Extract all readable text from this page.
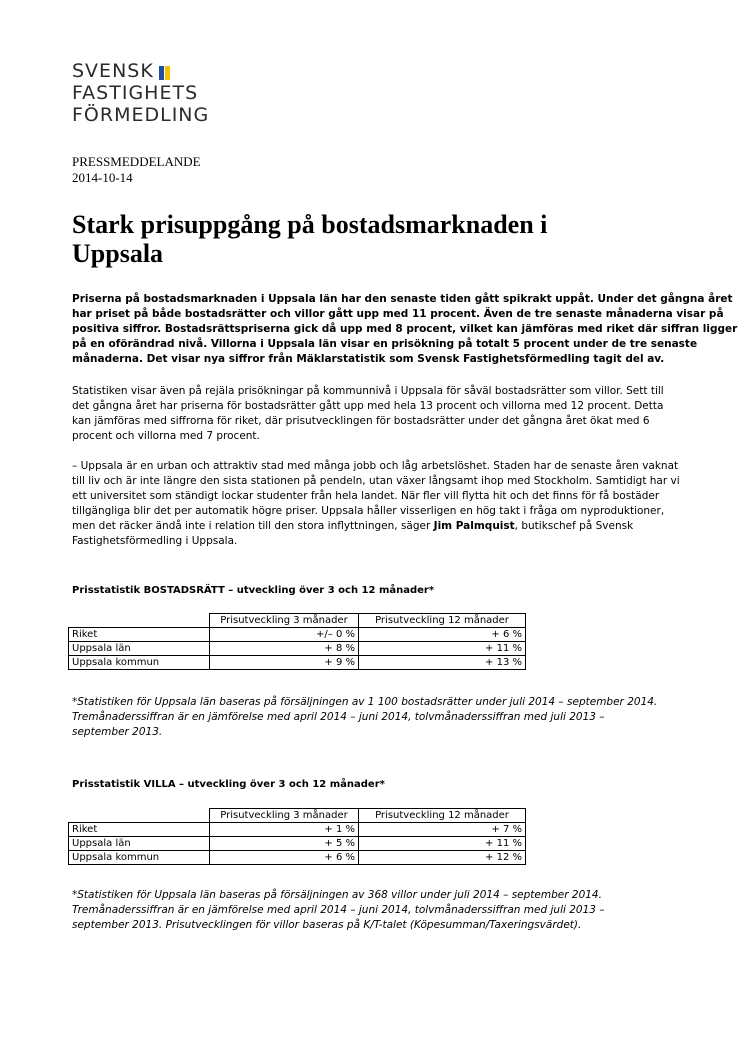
SVENSK
FASTIGHETS
FÖRMEDLING
PRESSMEDDELANDE
2014-10-14
Stark prisuppgång på bostadsmarknaden i Uppsala
Priserna på bostadsmarknaden i Uppsala län har den senaste tiden gått spikrakt uppåt. Under det gångna året
har priset på både bostadsrätter och villor gått upp med 11 procent. Även de tre senaste månaderna visar på
positiva siffror. Bostadsrättspriserna gick då upp med 8 procent, vilket kan jämföras med riket där siffran ligger
på en oförändrad nivå. Villorna i Uppsala län visar en prisökning på totalt 5 procent under de tre senaste
månaderna. Det visar nya siffror från Mäklarstatistik som Svensk Fastighetsförmedling tagit del av.
Statistiken visar även på rejäla prisökningar på kommunnivå i Uppsala för såväl bostadsrätter som villor. Sett till
det gångna året har priserna för bostadsrätter gått upp med hela 13 procent och villorna med 12 procent. Detta
kan jämföras med siffrorna för riket, där prisutvecklingen för bostadsrätter under det gångna året ökat med 6
procent och villorna med 7 procent.
– Uppsala är en urban och attraktiv stad med många jobb och låg arbetslöshet. Staden har de senaste åren vaknat
till liv och är inte längre den sista stationen på pendeln, utan växer långsamt ihop med Stockholm. Samtidigt har vi
ett universitet som ständigt lockar studenter från hela landet. När fler vill flytta hit och det finns för få bostäder
tillgängliga blir det per automatik högre priser. Uppsala håller visserligen en hög takt i fråga om nyproduktioner,
men det räcker ändå inte i relation till den stora inflyttningen, säger Jim Palmquist, butikschef på Svensk
Fastighetsförmedling i Uppsala.
Prisstatistik BOSTADSRÄTT – utveckling över 3 och 12 månader*
	Prisutveckling 3 månader	Prisutveckling 12 månader
Riket	+/– 0 %	+ 6 %
Uppsala län	+ 8 %	+ 11 %
Uppsala kommun	+ 9 %	+ 13 %
*Statistiken för Uppsala län baseras på försäljningen av 1 100 bostadsrätter under juli 2014 – september 2014.
Tremånaderssiffran är en jämförelse med april 2014 – juni 2014, tolvmånaderssiffran med juli 2013 –
september 2013.
Prisstatistik VILLA – utveckling över 3 och 12 månader*
	Prisutveckling 3 månader	Prisutveckling 12 månader
Riket	+ 1 %	+ 7 %
Uppsala län	+ 5 %	+ 11 %
Uppsala kommun	+ 6 %	+ 12 %
*Statistiken för Uppsala län baseras på försäljningen av 368 villor under juli 2014 – september 2014.
Tremånaderssiffran är en jämförelse med april 2014 – juni 2014, tolvmånaderssiffran med juli 2013 –
september 2013. Prisutvecklingen för villor baseras på K/T-talet (Köpesumman/Taxeringsvärdet).
